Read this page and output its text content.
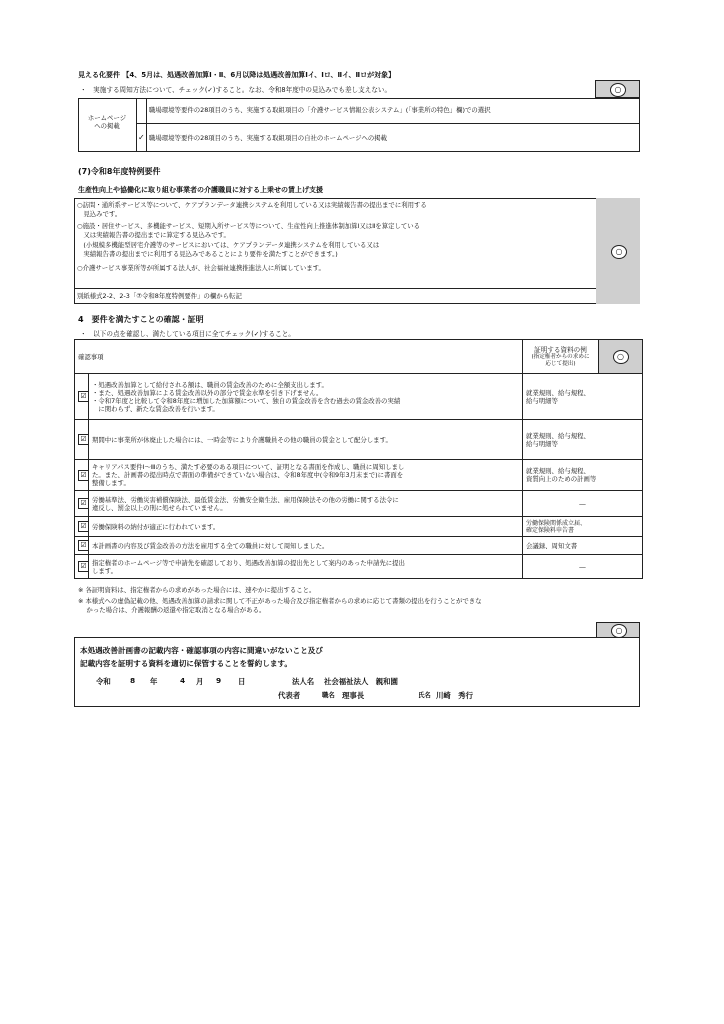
見える化要件 【4、5月は、処遇改善加算Ⅰ・Ⅱ、6月以降は処遇改善加算Ⅰイ、Ⅰロ、Ⅱイ、Ⅱロが対象】
・　実施する周知方法について、チェック(✓)すること。なお、令和8年度中の見込みでも差し支えない。	○
ホームページ
への掲載
職場環境等要件の28項目のうち、実施する取組項目の「介護サービス情報公表システム」(「事業所の特色」欄)での選択
✓ 職場環境等要件の28項目のうち、実施する取組項目の自社のホームページへの掲載
(7)令和8年度特例要件
生産性向上や協働化に取り組む事業者の介護職員に対する上乗せの賃上げ支援
○
○訪問・通所系サービス等について、ケアプランデータ連携システムを利用している又は実績報告書の提出までに利用する
　見込みです。
○施設・居住サービス、多機能サービス、短期入所サービス等について、生産性向上推進体制加算Ⅰ又はⅡを算定している
　又は実績報告書の提出までに算定する見込みです。
　(小規模多機能型居宅介護等のサービスにおいては、ケアプランデータ連携システムを利用している又は
　実績報告書の提出までに利用する見込みであることにより要件を満たすことができます。)
○介護サービス事業所等が所属する法人が、社会福祉連携推進法人に所属しています。
別紙様式2-2、2-3「⑦令和8年度特例要件」の欄から転記
4　要件を満たすことの確認・証明
・　以下の点を確認し、満たしている項目に全てチェック(✓)すること。
確認事項		証明する資料の例
(指定権者からの求めに
応じて提出)	○
☑	・処遇改善加算として給付される額は、職員の賃金改善のために全額支出します。
・また、処遇改善加算による賃金改善以外の部分で賃金水準を引き下げません。
・令和7年度と比較して令和8年度に増加した加算額について、独自の賃金改善を含む過去の賃金改善の実績
　に関わらず、新たな賃金改善を行います。	就業規則、給与規程、
給与明細等	
☑	期間中に事業所が休廃止した場合には、一時金等により介護職員その他の職員の賃金として配分します。	就業規則、給与規程、
給与明細等	
☑	キャリアパス要件Ⅰ～Ⅲのうち、満たす必要のある項目について、証明となる書面を作成し、職員に周知しまし
た。また、計画書の提出時点で書面の準備ができていない場合は、令和8年度中(令和9年3月末まで)に書面を
整備します。	就業規則、給与規程、
資質向上のための計画等	
☑	労働基準法、労働災害補償保険法、最低賃金法、労働安全衛生法、雇用保険法その他の労働に関する法令に
違反し、罰金以上の刑に処せられていません。	―	
☑	労働保険料の納付が適正に行われています。	労働保険関係成立届、
確定保険料申告書	
☑	本計画書の内容及び賃金改善の方法を雇用する全ての職員に対して周知しました。	会議録、周知文書	
☑	指定権者のホームページ等で申請先を確認しており、処遇改善加算の提出先として案内のあった申請先に提出
します。	―	
※ 各証明資料は、指定権者からの求めがあった場合には、速やかに提出すること。
※ 本様式への虚偽記載の他、処遇改善加算の請求に関して不正があった場合及び指定権者からの求めに応じて書類の提出を行うことができな
　 かった場合は、介護報酬の返還や指定取消となる場合がある。
○
本処遇改善計画書の記載内容・確認事項の内容に間違いがないこと及び
記載内容を証明する資料を適切に保管することを誓約します。
令和	8 年	4 月 9 日	法人名 社会福祉法人　親和園
代表者	職名 理事長	氏名 川崎　秀行
